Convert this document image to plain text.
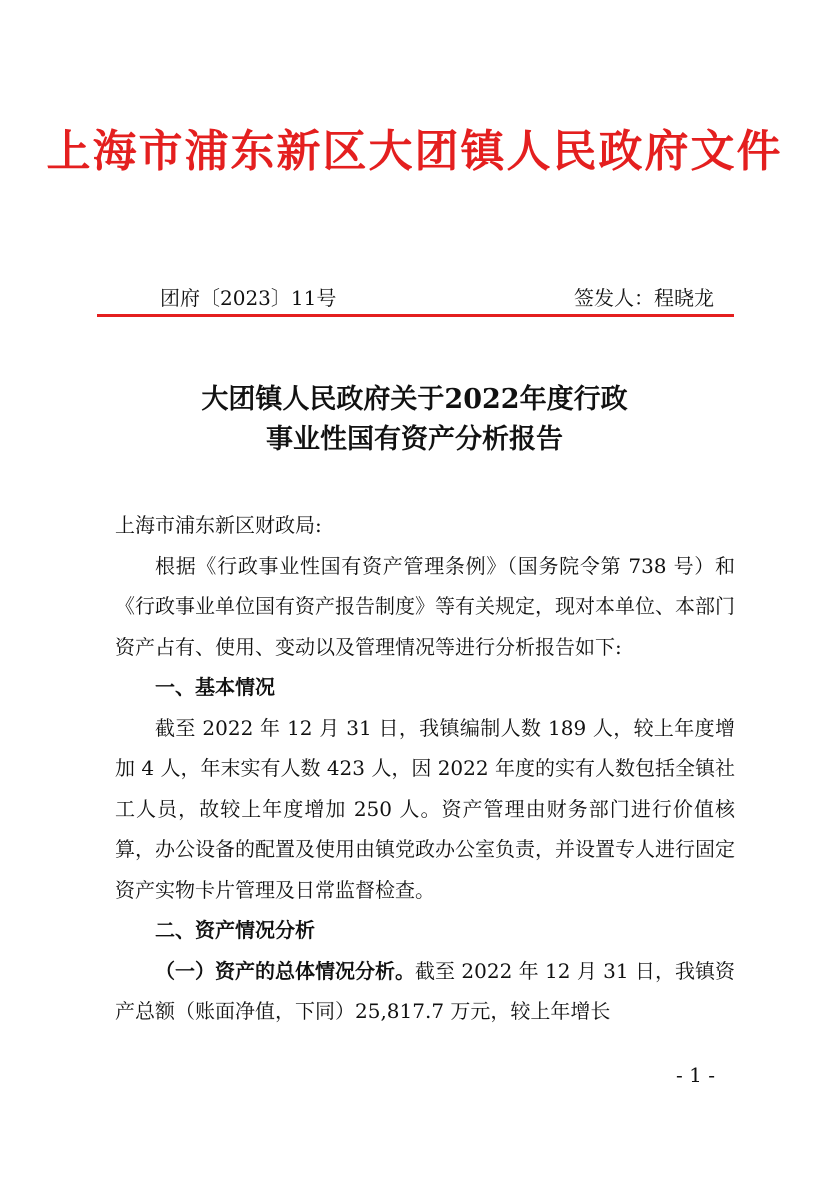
上海市浦东新区大团镇人民政府文件
团府〔2023〕11号	签发人：程晓龙
大团镇人民政府关于2022年度行政
事业性国有资产分析报告

上海市浦东新区财政局:

根据《行政事业性国有资产管理条例》（国务院令第 738 号）和《行政事业单位国有资产报告制度》等有关规定，现对本单位、本部门资产占有、使用、变动以及管理情况等进行分析报告如下:

一、基本情况

截至 2022 年 12 月 31 日，我镇编制人数 189 人，较上年度增加 4 人，年末实有人数 423 人，因 2022 年度的实有人数包括全镇社工人员，故较上年度增加 250 人。资产管理由财务部门进行价值核算，办公设备的配置及使用由镇党政办公室负责，并设置专人进行固定资产实物卡片管理及日常监督检查。

二、资产情况分析

（一）资产的总体情况分析。截至 2022 年 12 月 31 日，我镇资产总额（账面净值，下同）25,817.7 万元，较上年增长

- 1 -
